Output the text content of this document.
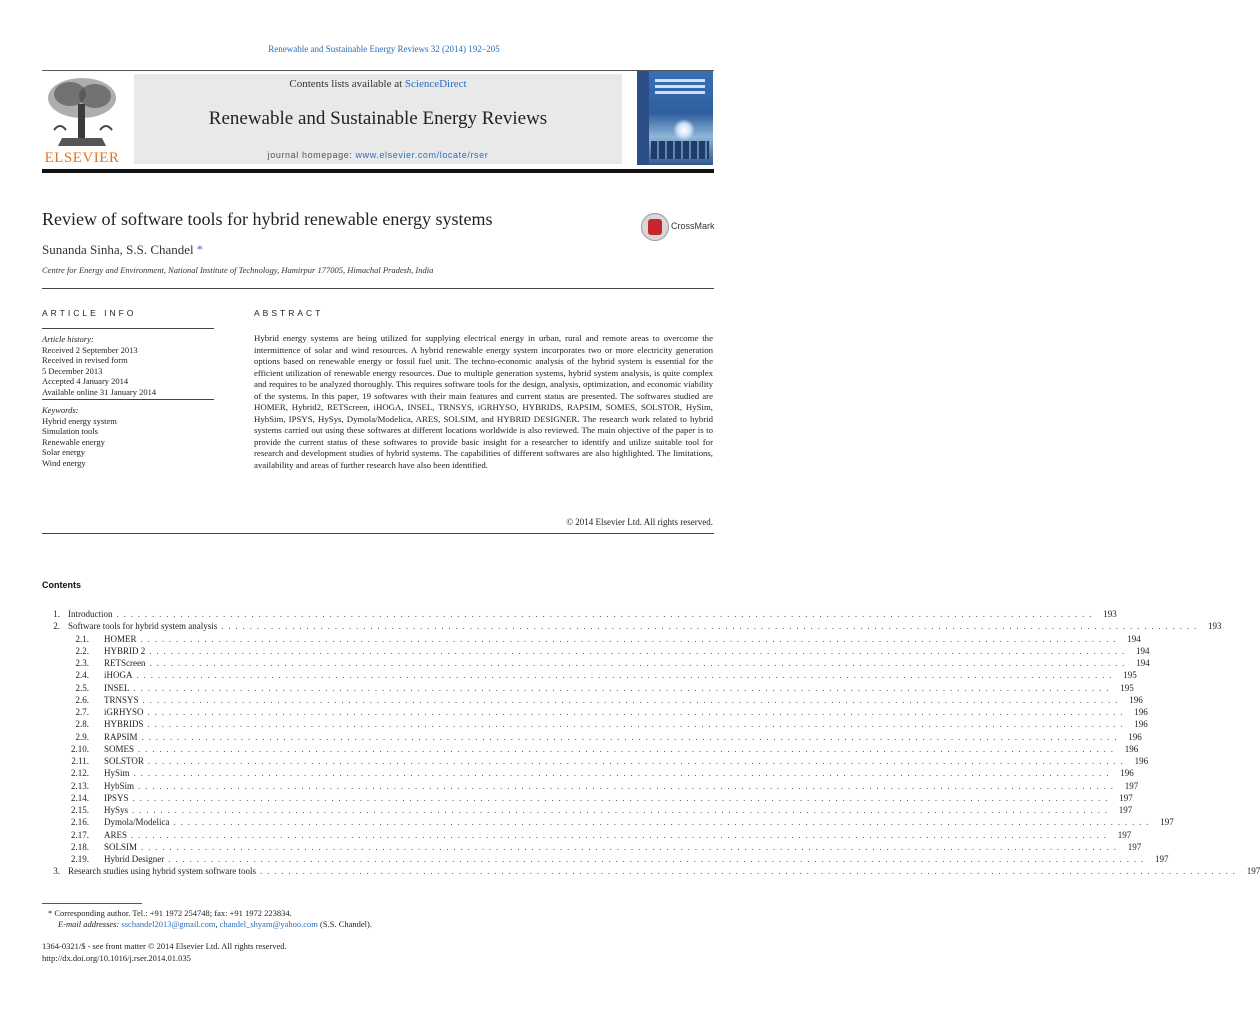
Renewable and Sustainable Energy Reviews 32 (2014) 192–205
ELSEVIER
Contents lists available at ScienceDirect
Renewable and Sustainable Energy Reviews
journal homepage: www.elsevier.com/locate/rser
Review of software tools for hybrid renewable energy systems	CrossMark
Sunanda Sinha, S.S. Chandel *
Centre for Energy and Environment, National Institute of Technology, Hamirpur 177005, Himachal Pradesh, India
ARTICLE INFO	ABSTRACT
Article history:
Received 2 September 2013
Received in revised form
5 December 2013
Accepted 4 January 2014
Available online 31 January 2014
Keywords:
Hybrid energy system
Simulation tools
Renewable energy
Solar energy
Wind energy
Hybrid energy systems are being utilized for supplying electrical energy in urban, rural and remote areas to overcome the intermittence of solar and wind resources. A hybrid renewable energy system incorporates two or more electricity generation options based on renewable energy or fossil fuel unit. The techno-economic analysis of the hybrid system is essential for the efficient utilization of renewable energy resources. Due to multiple generation systems, hybrid system analysis, is quite complex and requires to be analyzed thoroughly. This requires software tools for the design, analysis, optimization, and economic viability of the systems. In this paper, 19 softwares with their main features and current status are presented. The softwares studied are HOMER, Hybrid2, RETScreen, iHOGA, INSEL, TRNSYS, iGRHYSO, HYBRIDS, RAPSIM, SOMES, SOLSTOR, HySim, HybSim, IPSYS, HySys, Dymola/Modelica, ARES, SOLSIM, and HYBRID DESIGNER. The research work related to hybrid systems carried out using these softwares at different locations worldwide is also reviewed. The main objective of the paper is to provide the current status of these softwares to provide basic insight for a researcher to identify and utilize suitable tool for research and development studies of hybrid systems. The capabilities of different softwares are also highlighted. The limitations, availability and areas of further research have also been identified.
© 2014 Elsevier Ltd. All rights reserved.
Contents
1. Introduction . . . . . . . . . . . . . . . . . . . . . . . . . . . . . . . . . . . . . . . . . . . . . . . . . . . . . . . . . . . . . . . . . . . . . . . . . . . . . . . . . . . . . . . . . . . . . . . . . . . . . . . . . . . . . . . . . . . . . . . . . . . . . . . . . . . . . . . . . .	193
2. Software tools for hybrid system analysis . . . . . . . . . . . . . . . . . . . . . . . . . . . . . . . . . . . . . . . . . . . . . . . . . . . . . . . . . . . . . . . . . . . . . . . . . . . . . . . . . . . . . . . . . . . . . . . . . . . . . . . . . . . . . . . . . . . . . . . . . . . . . . . . . . . . . . . . . .	193
2.1.	HOMER . . . . . . . . . . . . . . . . . . . . . . . . . . . . . . . . . . . . . . . . . . . . . . . . . . . . . . . . . . . . . . . . . . . . . . . . . . . . . . . . . . . . . . . . . . . . . . . . . . . . . . . . . . . . . . . . . . . . . . . . . . . . . . . . . . . . . . . . . .	194
2.2.	HYBRID 2 . . . . . . . . . . . . . . . . . . . . . . . . . . . . . . . . . . . . . . . . . . . . . . . . . . . . . . . . . . . . . . . . . . . . . . . . . . . . . . . . . . . . . . . . . . . . . . . . . . . . . . . . . . . . . . . . . . . . . . . . . . . . . . . . . . . . . . . . . .	194
2.3.	RETScreen . . . . . . . . . . . . . . . . . . . . . . . . . . . . . . . . . . . . . . . . . . . . . . . . . . . . . . . . . . . . . . . . . . . . . . . . . . . . . . . . . . . . . . . . . . . . . . . . . . . . . . . . . . . . . . . . . . . . . . . . . . . . . . . . . . . . . . . . . .	194
2.4.	iHOGA . . . . . . . . . . . . . . . . . . . . . . . . . . . . . . . . . . . . . . . . . . . . . . . . . . . . . . . . . . . . . . . . . . . . . . . . . . . . . . . . . . . . . . . . . . . . . . . . . . . . . . . . . . . . . . . . . . . . . . . . . . . . . . . . . . . . . . . . . .	195
2.5.	INSEL . . . . . . . . . . . . . . . . . . . . . . . . . . . . . . . . . . . . . . . . . . . . . . . . . . . . . . . . . . . . . . . . . . . . . . . . . . . . . . . . . . . . . . . . . . . . . . . . . . . . . . . . . . . . . . . . . . . . . . . . . . . . . . . . . . . . . . . . . .	195
2.6.	TRNSYS . . . . . . . . . . . . . . . . . . . . . . . . . . . . . . . . . . . . . . . . . . . . . . . . . . . . . . . . . . . . . . . . . . . . . . . . . . . . . . . . . . . . . . . . . . . . . . . . . . . . . . . . . . . . . . . . . . . . . . . . . . . . . . . . . . . . . . . . . .	196
2.7.	iGRHYSO . . . . . . . . . . . . . . . . . . . . . . . . . . . . . . . . . . . . . . . . . . . . . . . . . . . . . . . . . . . . . . . . . . . . . . . . . . . . . . . . . . . . . . . . . . . . . . . . . . . . . . . . . . . . . . . . . . . . . . . . . . . . . . . . . . . . . . . . . .	196
2.8.	HYBRIDS . . . . . . . . . . . . . . . . . . . . . . . . . . . . . . . . . . . . . . . . . . . . . . . . . . . . . . . . . . . . . . . . . . . . . . . . . . . . . . . . . . . . . . . . . . . . . . . . . . . . . . . . . . . . . . . . . . . . . . . . . . . . . . . . . . . . . . . . . .	196
2.9.	RAPSIM . . . . . . . . . . . . . . . . . . . . . . . . . . . . . . . . . . . . . . . . . . . . . . . . . . . . . . . . . . . . . . . . . . . . . . . . . . . . . . . . . . . . . . . . . . . . . . . . . . . . . . . . . . . . . . . . . . . . . . . . . . . . . . . . . . . . . . . . . .	196
2.10.	SOMES . . . . . . . . . . . . . . . . . . . . . . . . . . . . . . . . . . . . . . . . . . . . . . . . . . . . . . . . . . . . . . . . . . . . . . . . . . . . . . . . . . . . . . . . . . . . . . . . . . . . . . . . . . . . . . . . . . . . . . . . . . . . . . . . . . . . . . . . . .	196
2.11.	SOLSTOR . . . . . . . . . . . . . . . . . . . . . . . . . . . . . . . . . . . . . . . . . . . . . . . . . . . . . . . . . . . . . . . . . . . . . . . . . . . . . . . . . . . . . . . . . . . . . . . . . . . . . . . . . . . . . . . . . . . . . . . . . . . . . . . . . . . . . . . . . .	196
2.12.	HySim . . . . . . . . . . . . . . . . . . . . . . . . . . . . . . . . . . . . . . . . . . . . . . . . . . . . . . . . . . . . . . . . . . . . . . . . . . . . . . . . . . . . . . . . . . . . . . . . . . . . . . . . . . . . . . . . . . . . . . . . . . . . . . . . . . . . . . . . . .	196
2.13.	HybSim . . . . . . . . . . . . . . . . . . . . . . . . . . . . . . . . . . . . . . . . . . . . . . . . . . . . . . . . . . . . . . . . . . . . . . . . . . . . . . . . . . . . . . . . . . . . . . . . . . . . . . . . . . . . . . . . . . . . . . . . . . . . . . . . . . . . . . . . . .	197
2.14.	IPSYS . . . . . . . . . . . . . . . . . . . . . . . . . . . . . . . . . . . . . . . . . . . . . . . . . . . . . . . . . . . . . . . . . . . . . . . . . . . . . . . . . . . . . . . . . . . . . . . . . . . . . . . . . . . . . . . . . . . . . . . . . . . . . . . . . . . . . . . . . .	197
2.15.	HySys . . . . . . . . . . . . . . . . . . . . . . . . . . . . . . . . . . . . . . . . . . . . . . . . . . . . . . . . . . . . . . . . . . . . . . . . . . . . . . . . . . . . . . . . . . . . . . . . . . . . . . . . . . . . . . . . . . . . . . . . . . . . . . . . . . . . . . . . . .	197
2.16.	Dymola/Modelica . . . . . . . . . . . . . . . . . . . . . . . . . . . . . . . . . . . . . . . . . . . . . . . . . . . . . . . . . . . . . . . . . . . . . . . . . . . . . . . . . . . . . . . . . . . . . . . . . . . . . . . . . . . . . . . . . . . . . . . . . . . . . . . . . . . . . . . . . .	197
2.17.	ARES . . . . . . . . . . . . . . . . . . . . . . . . . . . . . . . . . . . . . . . . . . . . . . . . . . . . . . . . . . . . . . . . . . . . . . . . . . . . . . . . . . . . . . . . . . . . . . . . . . . . . . . . . . . . . . . . . . . . . . . . . . . . . . . . . . . . . . . . . .	197
2.18.	SOLSIM . . . . . . . . . . . . . . . . . . . . . . . . . . . . . . . . . . . . . . . . . . . . . . . . . . . . . . . . . . . . . . . . . . . . . . . . . . . . . . . . . . . . . . . . . . . . . . . . . . . . . . . . . . . . . . . . . . . . . . . . . . . . . . . . . . . . . . . . . .	197
2.19.	Hybrid Designer . . . . . . . . . . . . . . . . . . . . . . . . . . . . . . . . . . . . . . . . . . . . . . . . . . . . . . . . . . . . . . . . . . . . . . . . . . . . . . . . . . . . . . . . . . . . . . . . . . . . . . . . . . . . . . . . . . . . . . . . . . . . . . . . . . . . . . . . . .	197
3. Research studies using hybrid system software tools . . . . . . . . . . . . . . . . . . . . . . . . . . . . . . . . . . . . . . . . . . . . . . . . . . . . . . . . . . . . . . . . . . . . . . . . . . . . . . . . . . . . . . . . . . . . . . . . . . . . . . . . . . . . . . . . . . . . . . . . . . . . . . . . . . . . . . . . . .	197
* Corresponding author. Tel.: +91 1972 254748; fax: +91 1972 223834.
E-mail addresses: sschandel2013@gmail.com, chandel_shyam@yahoo.com (S.S. Chandel).
1364-0321/$ - see front matter © 2014 Elsevier Ltd. All rights reserved.
http://dx.doi.org/10.1016/j.rser.2014.01.035
